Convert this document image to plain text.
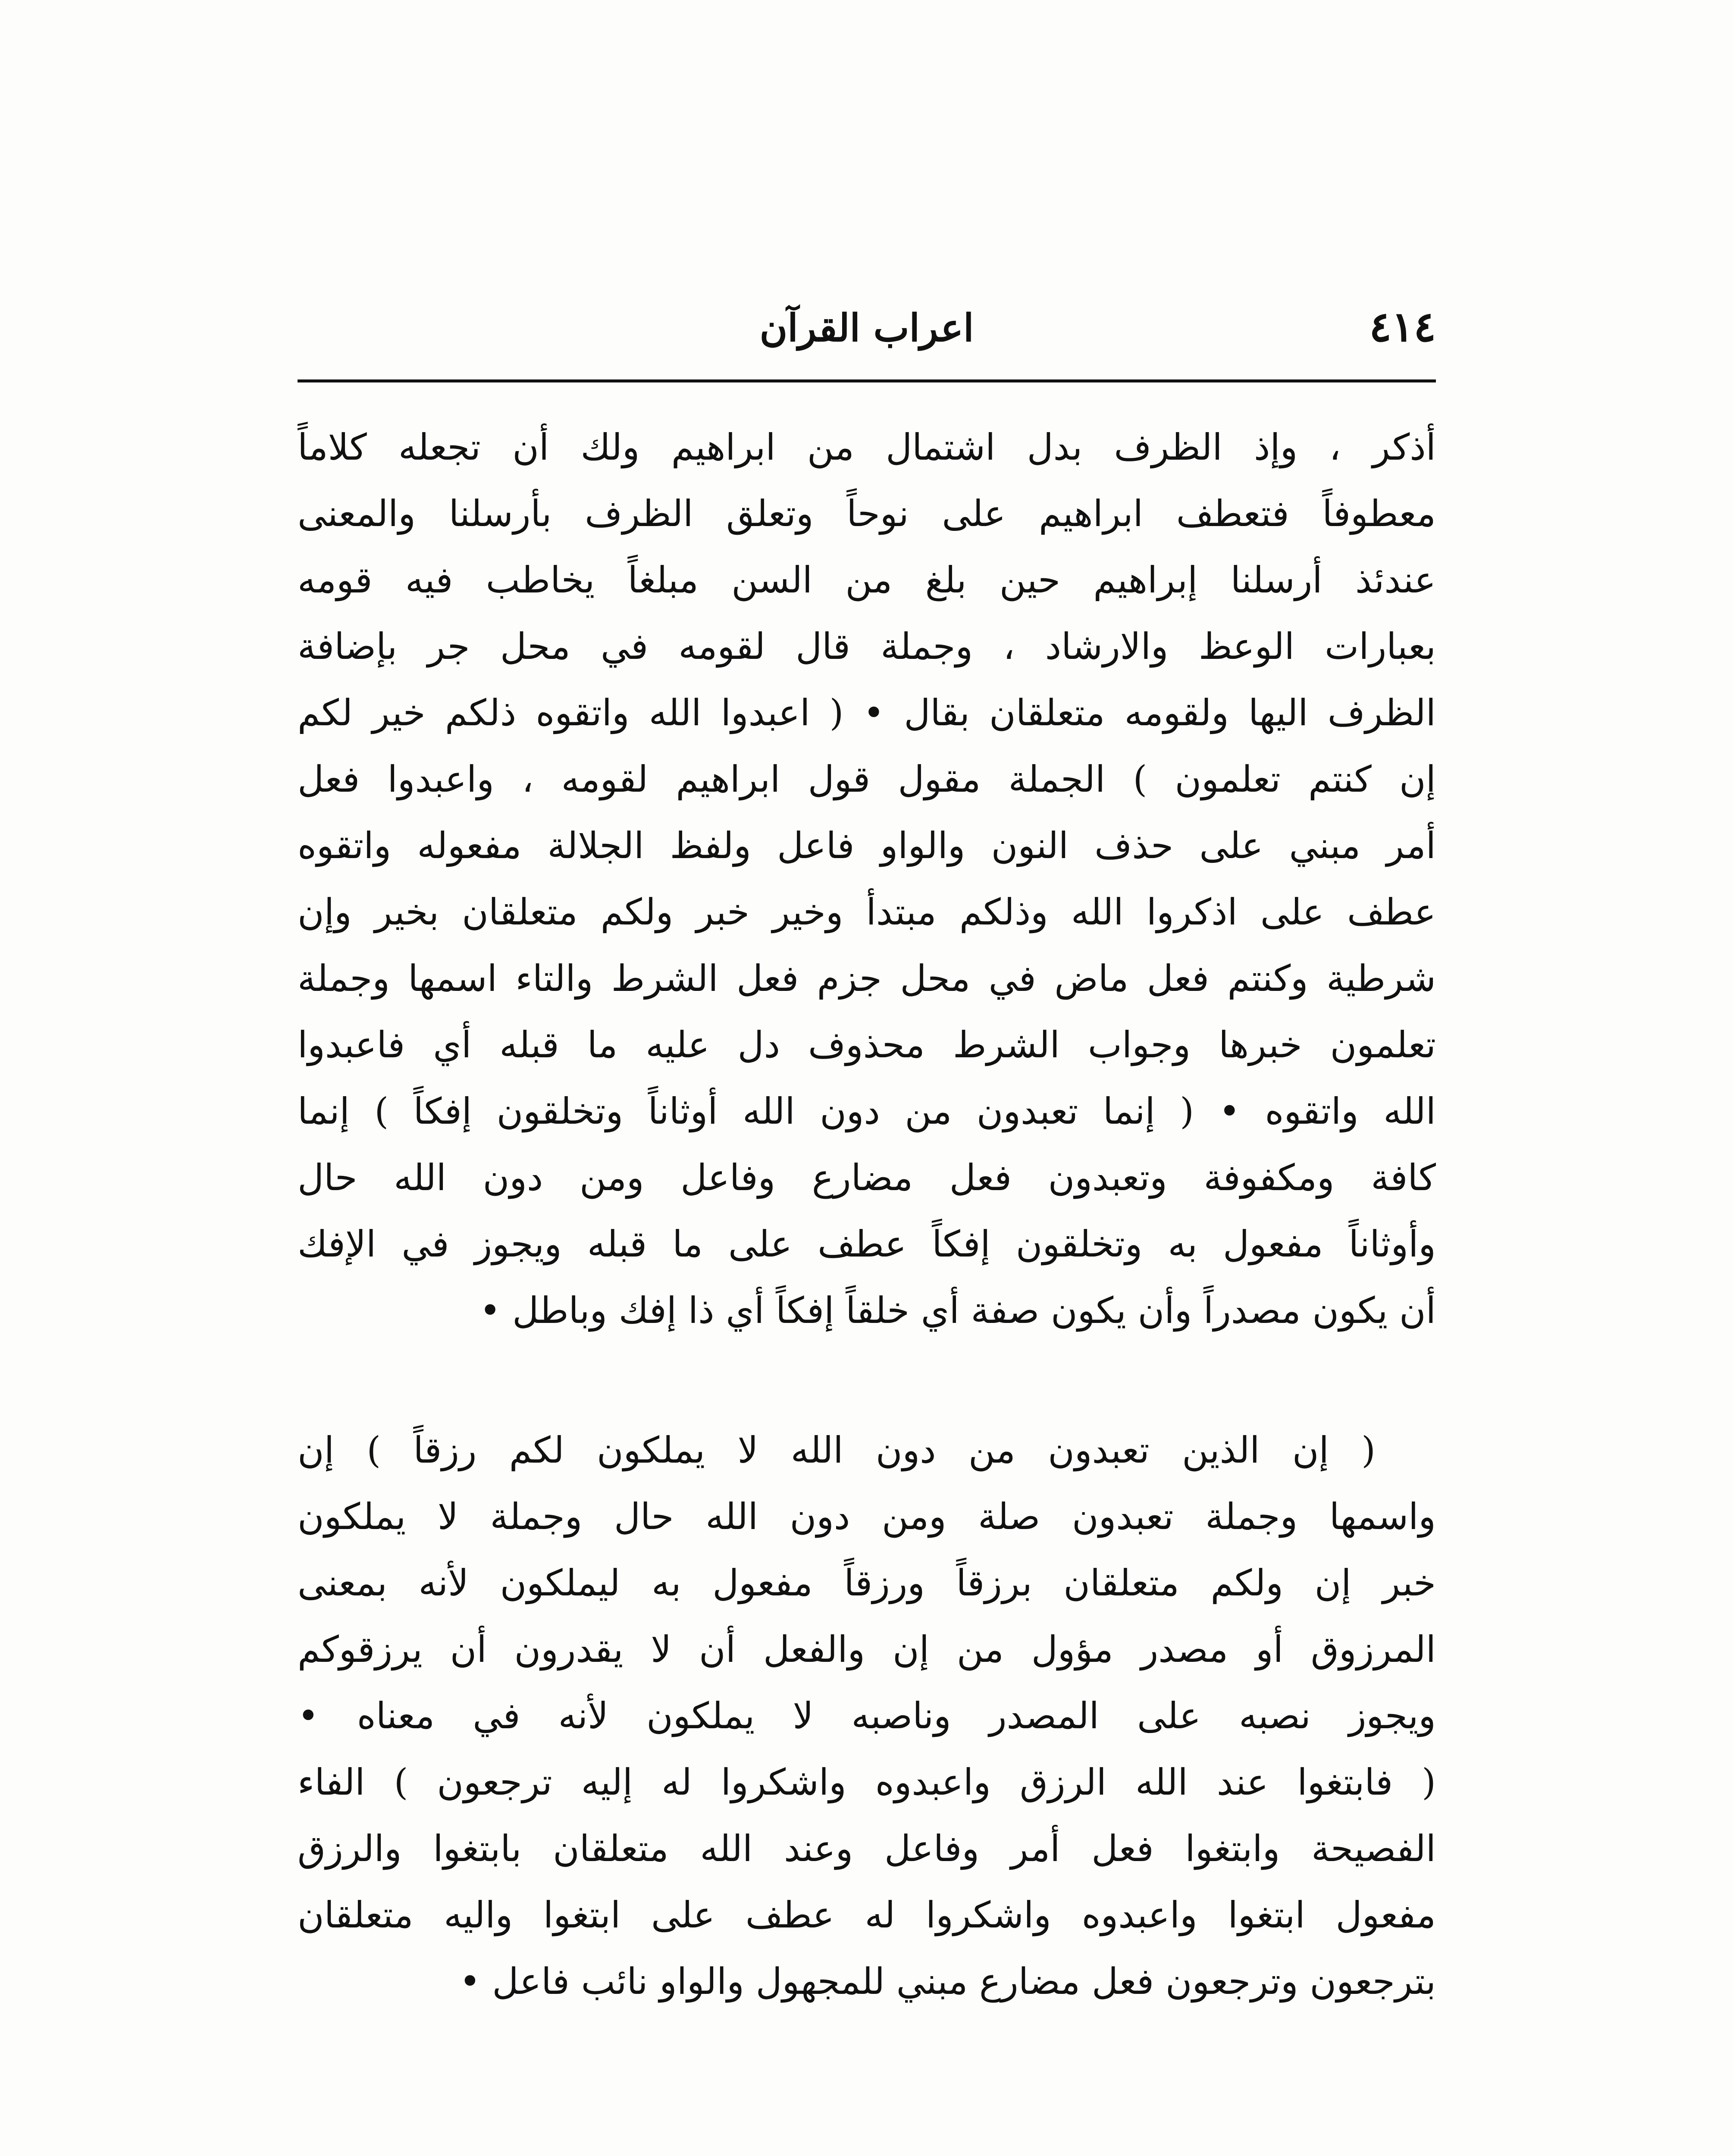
٤١٤
اعراب القرآن
أذكر ، وإذ الظرف بدل اشتمال من ابراهيم ولك أن تجعله كلاماً
معطوفاً فتعطف ابراهيم على نوحاً وتعلق الظرف بأرسلنا والمعنى
عندئذ أرسلنا إبراهيم حين بلغ من السن مبلغاً يخاطب فيه قومه
بعبارات الوعظ والارشاد ، وجملة قال لقومه في محل جر بإضافة
الظرف اليها ولقومه متعلقان بقال • ( اعبدوا الله واتقوه ذلكم خير لكم
إن كنتم تعلمون ) الجملة مقول قول ابراهيم لقومه ، واعبدوا فعل
أمر مبني على حذف النون والواو فاعل ولفظ الجلالة مفعوله واتقوه
عطف على اذكروا الله وذلكم مبتدأ وخير خبر ولكم متعلقان بخير وإن
شرطية وكنتم فعل ماض في محل جزم فعل الشرط والتاء اسمها وجملة
تعلمون خبرها وجواب الشرط محذوف دل عليه ما قبله أي فاعبدوا
الله واتقوه • ( إنما تعبدون من دون الله أوثاناً وتخلقون إفكاً ) إنما
كافة ومكفوفة وتعبدون فعل مضارع وفاعل ومن دون الله حال
وأوثاناً مفعول به وتخلقون إفكاً عطف على ما قبله ويجوز في الإفك
أن يكون مصدراً وأن يكون صفة أي خلقاً إفكاً أي ذا إفك وباطل •
( إن الذين تعبدون من دون الله لا يملكون لكم رزقاً ) إن
واسمها وجملة تعبدون صلة ومن دون الله حال وجملة لا يملكون
خبر إن ولكم متعلقان برزقاً ورزقاً مفعول به ليملكون لأنه بمعنى
المرزوق أو مصدر مؤول من إن والفعل أن لا يقدرون أن يرزقوكم
ويجوز نصبه على المصدر وناصبه لا يملكون لأنه في معناه •
( فابتغوا عند الله الرزق واعبدوه واشكروا له إليه ترجعون ) الفاء
الفصيحة وابتغوا فعل أمر وفاعل وعند الله متعلقان بابتغوا والرزق
مفعول ابتغوا واعبدوه واشكروا له عطف على ابتغوا واليه متعلقان
بترجعون وترجعون فعل مضارع مبني للمجهول والواو نائب فاعل •
